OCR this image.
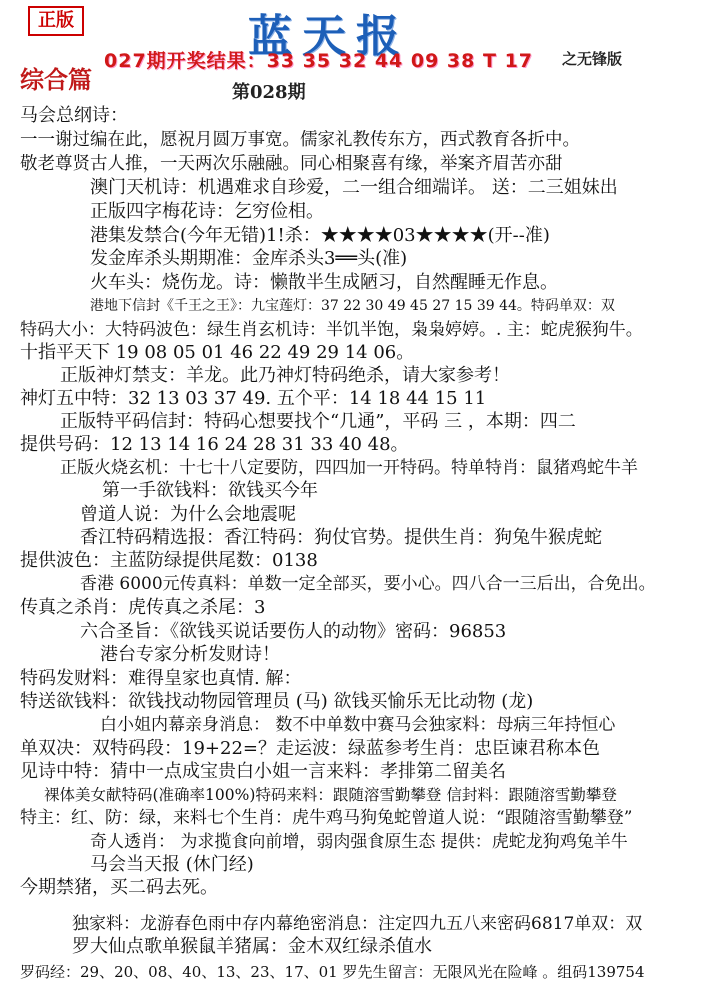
正版	蓝天报
027期开奖结果：33 35 32 44 09 38 T 17 之无锋版
综合篇	第028期
马会总纲诗：
一一谢过编在此，愿祝月圆万事宽。儒家礼教传东方，西式教育各折中。
敬老尊贤古人推，一天两次乐融融。同心相聚喜有缘，举案齐眉苦亦甜
澳门天机诗：机遇难求自珍爱，二一组合细端详。 送：二三姐妹出
正版四字梅花诗：乞穷俭相。
港集发禁合(今年无错)1!杀：★★★★03★★★★(开--准)
发金库杀头期期准：金库杀头3══头(准)
火车头：烧伤龙。诗：懒散半生成陋习，自然醒睡无作息。
港地下信封《千王之王》：九宝莲灯：37 22 30 49 45 27 15 39 44。特码单双：双
特码大小：大特码波色：绿生肖玄机诗：半饥半饱，枭枭婷婷。. 主：蛇虎猴狗牛。
十指平天下 19 08 05 01 46 22 49 29 14 06。
正版神灯禁支：羊龙。此乃神灯特码绝杀，请大家参考！
神灯五中特：32 13 03 37 49. 五个平：14 18 44 15 11
正版特平码信封：特码心想要找个“几通”，平码 三 ，本期：四二
提供号码：12 13 14 16 24 28 31 33 40 48。
正版火烧玄机：十七十八定要防，四四加一开特码。特单特肖：鼠猪鸡蛇牛羊
第一手欲钱料：欲钱买今年
曾道人说：为什么会地震呢
香江特码精选报：香江特码：狗仗官势。提供生肖：狗兔牛猴虎蛇
提供波色：主蓝防绿提供尾数：0138
香港 6000元传真料：单数一定全部买，要小心。四八合一三后出，合免出。
传真之杀肖：虎传真之杀尾：3
六合圣旨：《欲钱买说话要伤人的动物》密码：96853
港台专家分析发财诗！
特码发财料：难得皇家也真情. 解：
特送欲钱料：欲钱找动物园管理员 (马) 欲钱买愉乐无比动物 (龙)
白小姐内幕亲身消息： 数不中单数中赛马会独家料：母病三年持恒心
单双决：双特码段：19+22=？走运波：绿蓝参考生肖：忠臣谏君称本色
见诗中特：猜中一点成宝贵白小姐一言来料：孝排第二留美名
裸体美女献特码(准确率100%)特码来料：跟随溶雪勤攀登 信封料：跟随溶雪勤攀登
特主：红、防：绿，来料七个生肖：虎牛鸡马狗兔蛇曾道人说：“跟随溶雪勤攀登”
奇人透肖： 为求揽食向前增，弱肉强食原生态 提供：虎蛇龙狗鸡兔羊牛
马会当天报 (休门经)
今期禁猪，买二码去死。
独家料：龙游春色雨中存内幕绝密消息：注定四九五八来密码6817单双：双
罗大仙点歌单猴鼠羊猪属：金木双红绿杀值水
罗码经：29、20、08、40、13、23、17、01 罗先生留言：无限风光在险峰 。组码139754
